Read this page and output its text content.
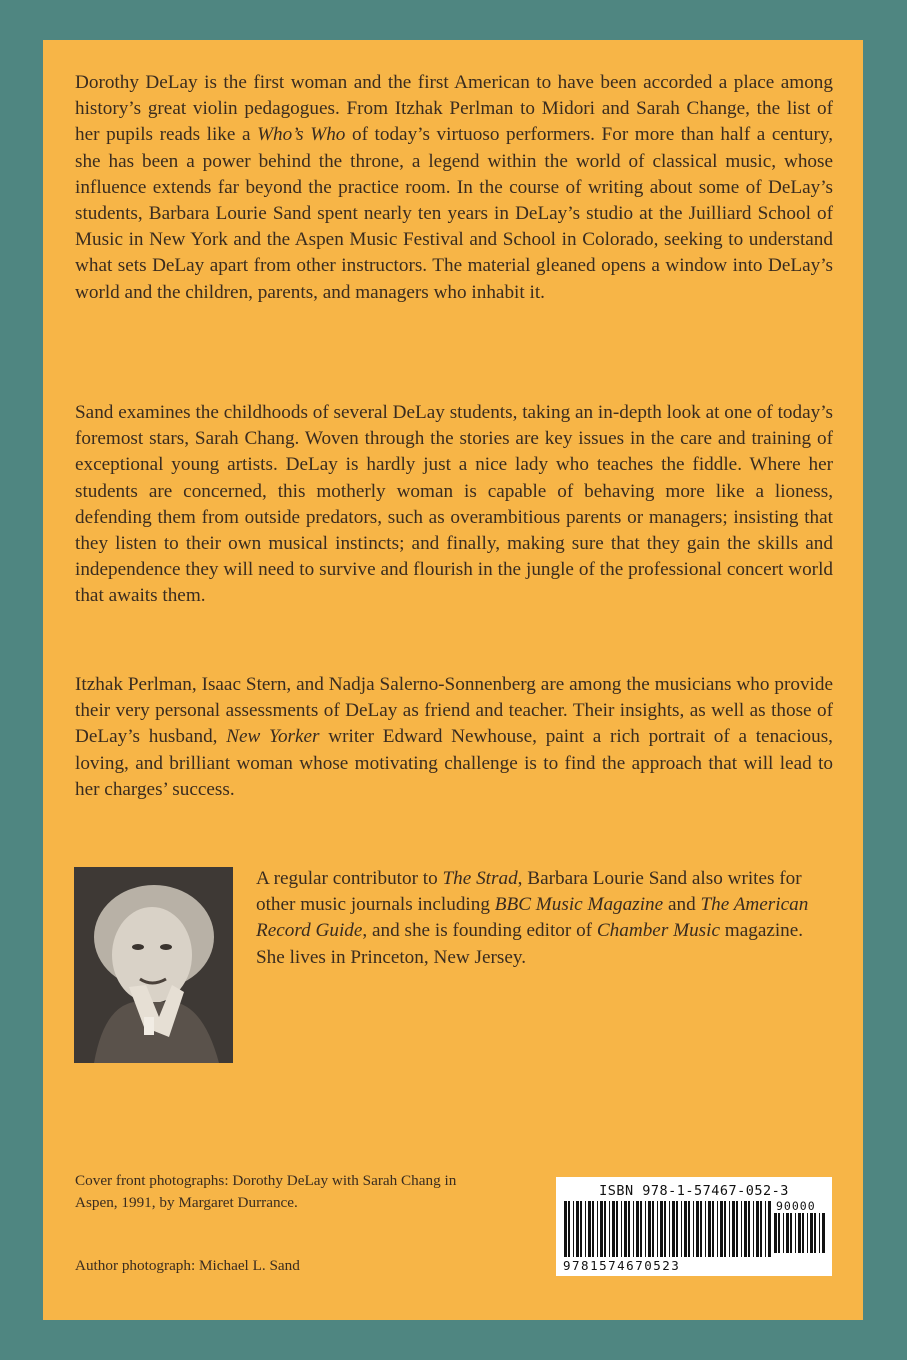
Dorothy DeLay is the first woman and the first American to have been accorded a place among history’s great violin pedagogues. From Itzhak Perlman to Midori and Sarah Change, the list of her pupils reads like a Who’s Who of today’s virtuoso performers. For more than half a century, she has been a power behind the throne, a legend within the world of classical music, whose influence extends far beyond the practice room. In the course of writing about some of DeLay’s students, Barbara Lourie Sand spent nearly ten years in DeLay’s studio at the Juilliard School of Music in New York and the Aspen Music Festival and School in Colorado, seeking to understand what sets DeLay apart from other instructors. The material gleaned opens a window into DeLay’s world and the children, parents, and managers who inhabit it.

Sand examines the childhoods of several DeLay students, taking an in-depth look at one of today’s foremost stars, Sarah Chang. Woven through the stories are key issues in the care and training of exceptional young artists. DeLay is hardly just a nice lady who teaches the fiddle. Where her students are concerned, this motherly woman is capable of behaving more like a lioness, defending them from outside predators, such as overambitious parents or managers; insisting that they listen to their own musical instincts; and finally, making sure that they gain the skills and independence they will need to survive and flourish in the jungle of the professional concert world that awaits them.

Itzhak Perlman, Isaac Stern, and Nadja Salerno-Sonnenberg are among the musicians who provide their very personal assessments of DeLay as friend and teacher. Their insights, as well as those of DeLay’s husband, New Yorker writer Edward Newhouse, paint a rich portrait of a tenacious, loving, and brilliant woman whose motivating challenge is to find the approach that will lead to her charges’ success.

A regular contributor to The Strad, Barbara Lourie Sand also writes for other music journals including BBC Music Magazine and The American Record Guide, and she is founding editor of Chamber Music magazine. She lives in Princeton, New Jersey.

Cover front photographs: Dorothy DeLay with Sarah Chang in Aspen, 1991, by Margaret Durrance.

Author photograph: Michael L. Sand

ISBN 978-1-57467-052-3
9781574670523
90000
